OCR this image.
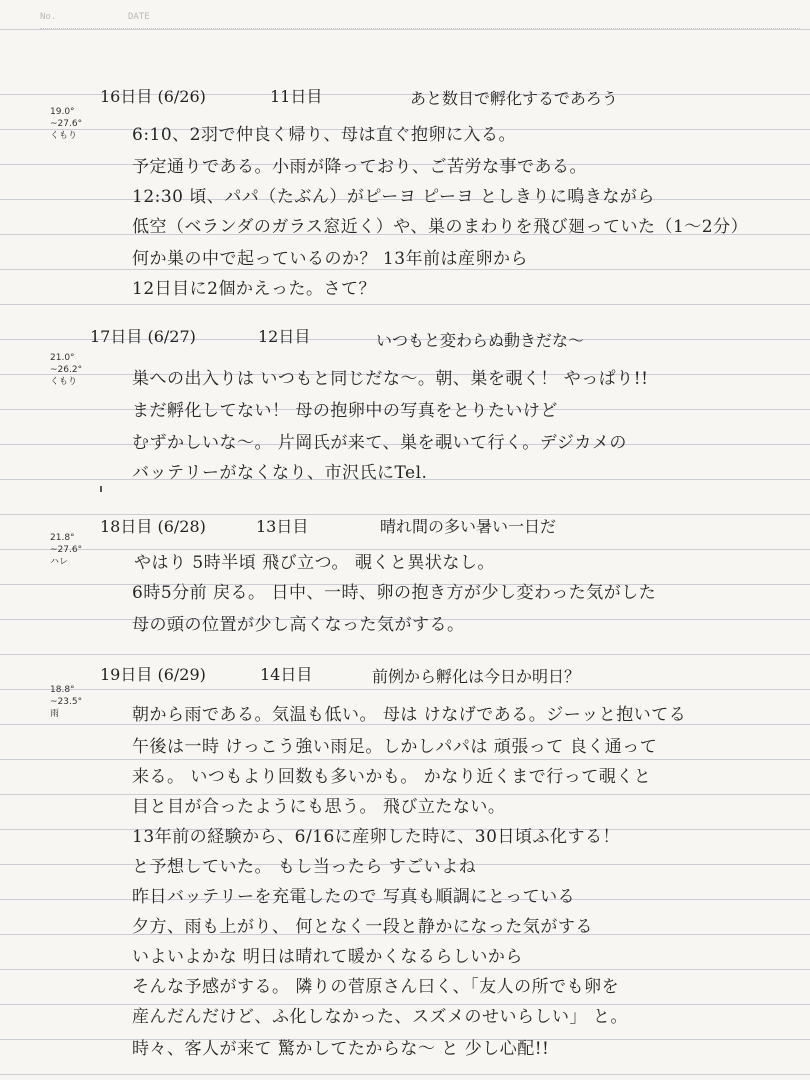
No.	DATE
19.0°
~27.6°
くもり
16日目 (6/26)	11日目	あと数日で孵化するであろう
6:10、2羽で仲良く帰り、母は直ぐ抱卵に入る。
予定通りである。小雨が降っており、ご苦労な事である。
12:30 頃、パパ（たぶん）がピーヨ ピーヨ としきりに鳴きながら
低空（ベランダのガラス窓近く）や、巣のまわりを飛び廻っていた（1〜2分）
何か巣の中で起っているのか？ 13年前は産卵から
12日目に2個かえった。さて？
21.0°
~26.2°
くもり
17日目 (6/27)	12日目	いつもと変わらぬ動きだな〜
巣への出入りは いつもと同じだな〜。朝、巣を覗く！ やっぱり!!
まだ孵化してない！ 母の抱卵中の写真をとりたいけど
むずかしいな〜。 片岡氏が来て、巣を覗いて行く。デジカメの
バッテリーがなくなり、市沢氏にTel.
21.8°
~27.6°
ハレ
18日目 (6/28)	13日目	晴れ間の多い暑い一日だ
やはり 5時半頃 飛び立つ。 覗くと異状なし。
6時5分前 戻る。 日中、一時、卵の抱き方が少し変わった気がした
母の頭の位置が少し高くなった気がする。
18.8°
~23.5°
雨
19日目 (6/29)	14日目	前例から孵化は今日か明日？
朝から雨である。気温も低い。 母は けなげである。ジーッと抱いてる
午後は一時 けっこう強い雨足。しかしパパは 頑張って 良く通って
来る。 いつもより回数も多いかも。 かなり近くまで行って覗くと
目と目が合ったようにも思う。 飛び立たない。
13年前の経験から、6/16に産卵した時に、30日頃ふ化する！
と予想していた。 もし当ったら すごいよね
昨日バッテリーを充電したので 写真も順調にとっている
夕方、雨も上がり、 何となく一段と静かになった気がする
いよいよかな 明日は晴れて暖かくなるらしいから
そんな予感がする。 隣りの菅原さん曰く、「友人の所でも卵を
産んだんだけど、ふ化しなかった、スズメのせいらしい」 と。
時々、客人が来て 驚かしてたからな〜 と 少し心配!!
